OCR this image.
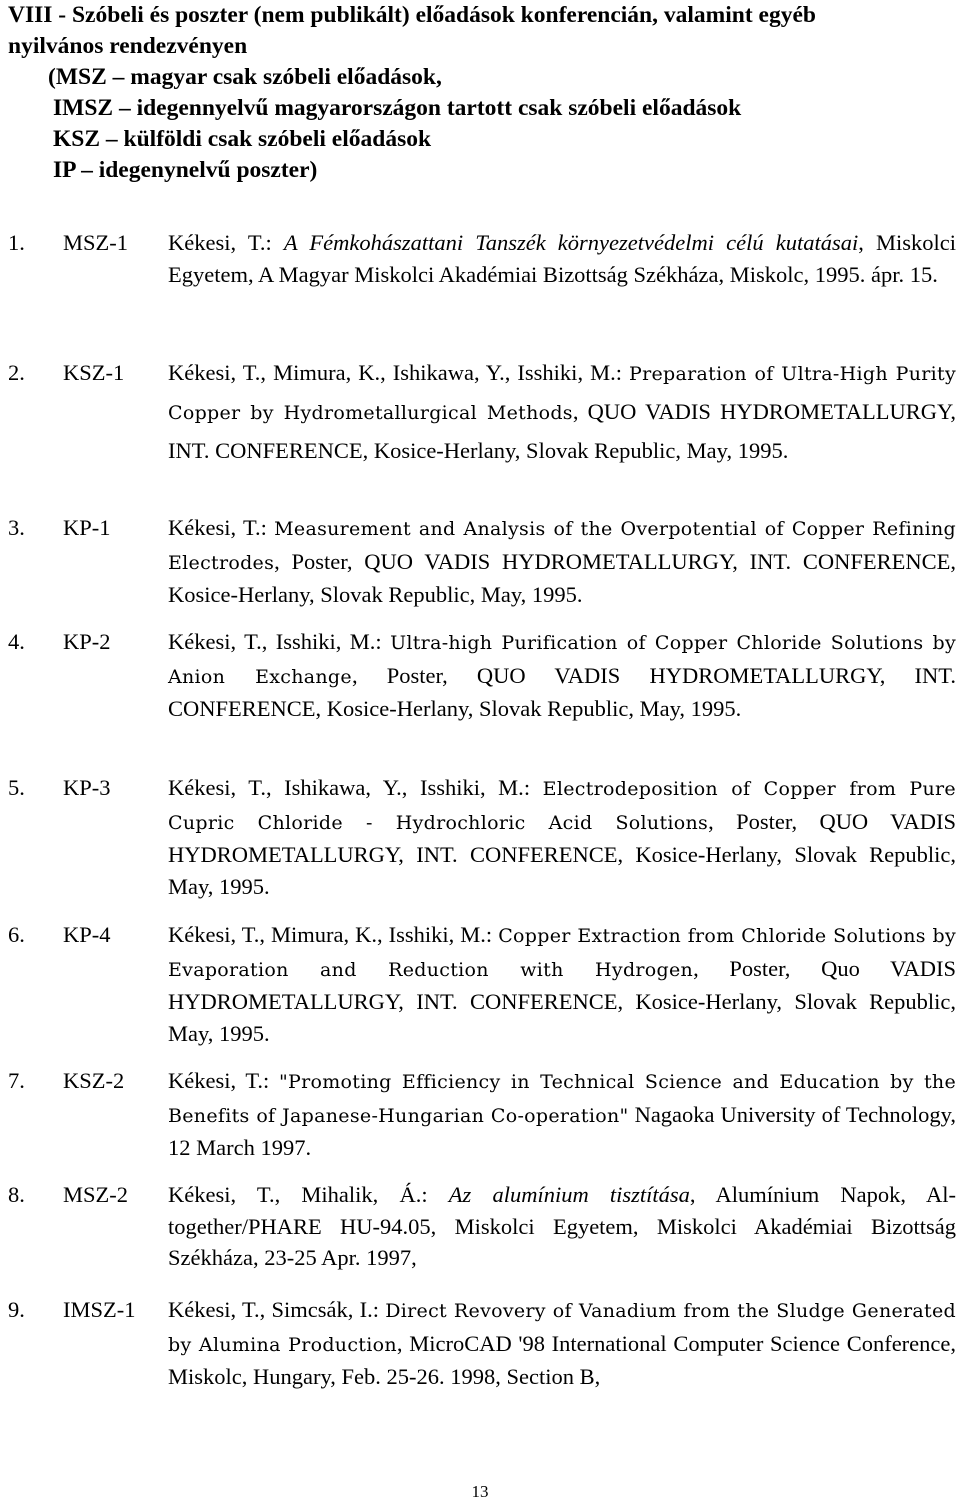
VIII - Szóbeli és poszter (nem publikált) előadások konferencián, valamint egyéb
nyilvános rendezvényen
(MSZ – magyar csak szóbeli előadások,
IMSZ – idegennyelvű magyarországon tartott csak szóbeli előadások
KSZ – külföldi csak szóbeli előadások
IP – idegenynelvű poszter)
1. MSZ-1 Kékesi, T.: A Fémkohászattani Tanszék környezetvédelmi célú kutatásai, Miskolci Egyetem, A Magyar Miskolci Akadémiai Bizottság Székháza, Miskolc, 1995. ápr. 15.
2. KSZ-1 Kékesi, T., Mimura, K., Ishikawa, Y., Isshiki, M.: Preparation of Ultra-High Purity Copper by Hydrometallurgical Methods, QUO VADIS HYDROMETALLURGY, INT. CONFERENCE, Kosice-Herlany, Slovak Republic, May, 1995.
3. KP-1	Kékesi, T.: Measurement and Analysis of the Overpotential of Copper Refining Electrodes, Poster, QUO VADIS HYDROMETALLURGY, INT. CONFERENCE, Kosice-Herlany, Slovak Republic, May, 1995.
4. KP-2	Kékesi, T., Isshiki, M.: Ultra-high Purification of Copper Chloride Solutions by Anion Exchange, Poster, QUO VADIS HYDROMETALLURGY, INT. CONFERENCE, Kosice-Herlany, Slovak Republic, May, 1995.
5. KP-3	Kékesi, T., Ishikawa, Y., Isshiki, M.: Electrodeposition of Copper from Pure Cupric Chloride - Hydrochloric Acid Solutions, Poster, QUO VADIS HYDROMETALLURGY, INT. CONFERENCE, Kosice-Herlany, Slovak Republic, May, 1995.
6. KP-4	Kékesi, T., Mimura, K., Isshiki, M.: Copper Extraction from Chloride Solutions by Evaporation and Reduction with Hydrogen, Poster, Quo VADIS HYDROMETALLURGY, INT. CONFERENCE, Kosice-Herlany, Slovak Republic, May, 1995.
7. KSZ-2 Kékesi, T.: "Promoting Efficiency in Technical Science and Education by the Benefits of Japanese-Hungarian Co-operation" Nagaoka University of Technology, 12 March 1997.
8. MSZ-2 Kékesi, T., Mihalik, Á.: Az alumínium tisztítása, Alumínium Napok, Al-together/PHARE HU-94.05, Miskolci Egyetem, Miskolci Akadémiai Bizottság Székháza, 23-25 Apr. 1997,
9. IMSZ-1 Kékesi, T., Simcsák, I.: Direct Revovery of Vanadium from the Sludge Generated by Alumina Production, MicroCAD '98 International Computer Science Conference, Miskolc, Hungary, Feb. 25-26. 1998, Section B,
13
